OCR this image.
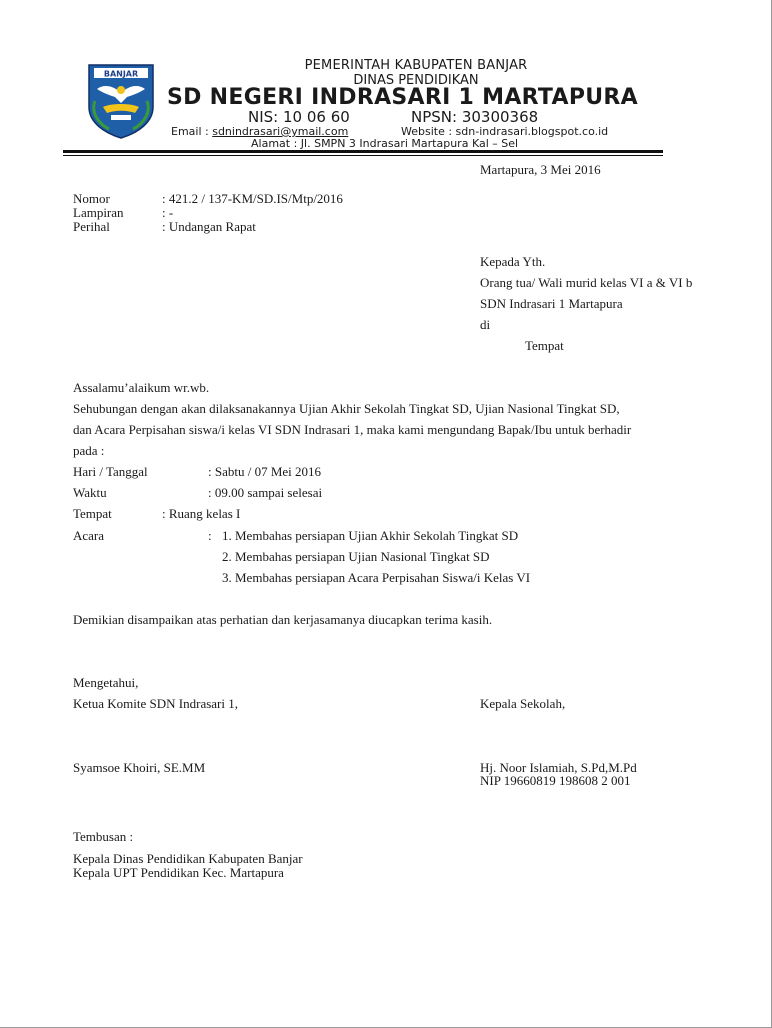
BANJAR
PEMERINTAH KABUPATEN BANJAR
DINAS PENDIDIKAN
SD NEGERI INDRASARI 1 MARTAPURA
NIS: 10 06 60	NPSN: 30300368
Email : sdnindrasari@ymail.com	Website : sdn-indrasari.blogspot.co.id
Alamat : Jl. SMPN 3 Indrasari Martapura Kal – Sel
Martapura, 3 Mei 2016
Nomor	: 421.2 / 137-KM/SD.IS/Mtp/2016
Lampiran	: -
Perihal	: Undangan Rapat
Kepada Yth.
Orang tua/ Wali murid kelas VI a & VI b
SDN Indrasari 1 Martapura
di
Tempat
Assalamu’alaikum wr.wb.
Sehubungan dengan akan dilaksanakannya Ujian Akhir Sekolah Tingkat SD, Ujian Nasional Tingkat SD,
dan Acara Perpisahan siswa/i kelas VI SDN Indrasari 1, maka kami mengundang Bapak/Ibu untuk berhadir
pada :
Hari / Tanggal	: Sabtu / 07 Mei 2016
Waktu	: 09.00 sampai selesai
Tempat	: Ruang kelas I
Acara	: 1. Membahas persiapan Ujian Akhir Sekolah Tingkat SD
2. Membahas persiapan Ujian Nasional Tingkat SD
3. Membahas persiapan Acara Perpisahan Siswa/i Kelas VI
Demikian disampaikan atas perhatian dan kerjasamanya diucapkan terima kasih.
Mengetahui,
Ketua Komite SDN Indrasari 1,	Kepala Sekolah,
Syamsoe Khoiri, SE.MM	Hj. Noor Islamiah, S.Pd,M.Pd
NIP 19660819 198608 2 001
Tembusan :
Kepala Dinas Pendidikan Kabupaten Banjar
Kepala UPT Pendidikan Kec. Martapura
